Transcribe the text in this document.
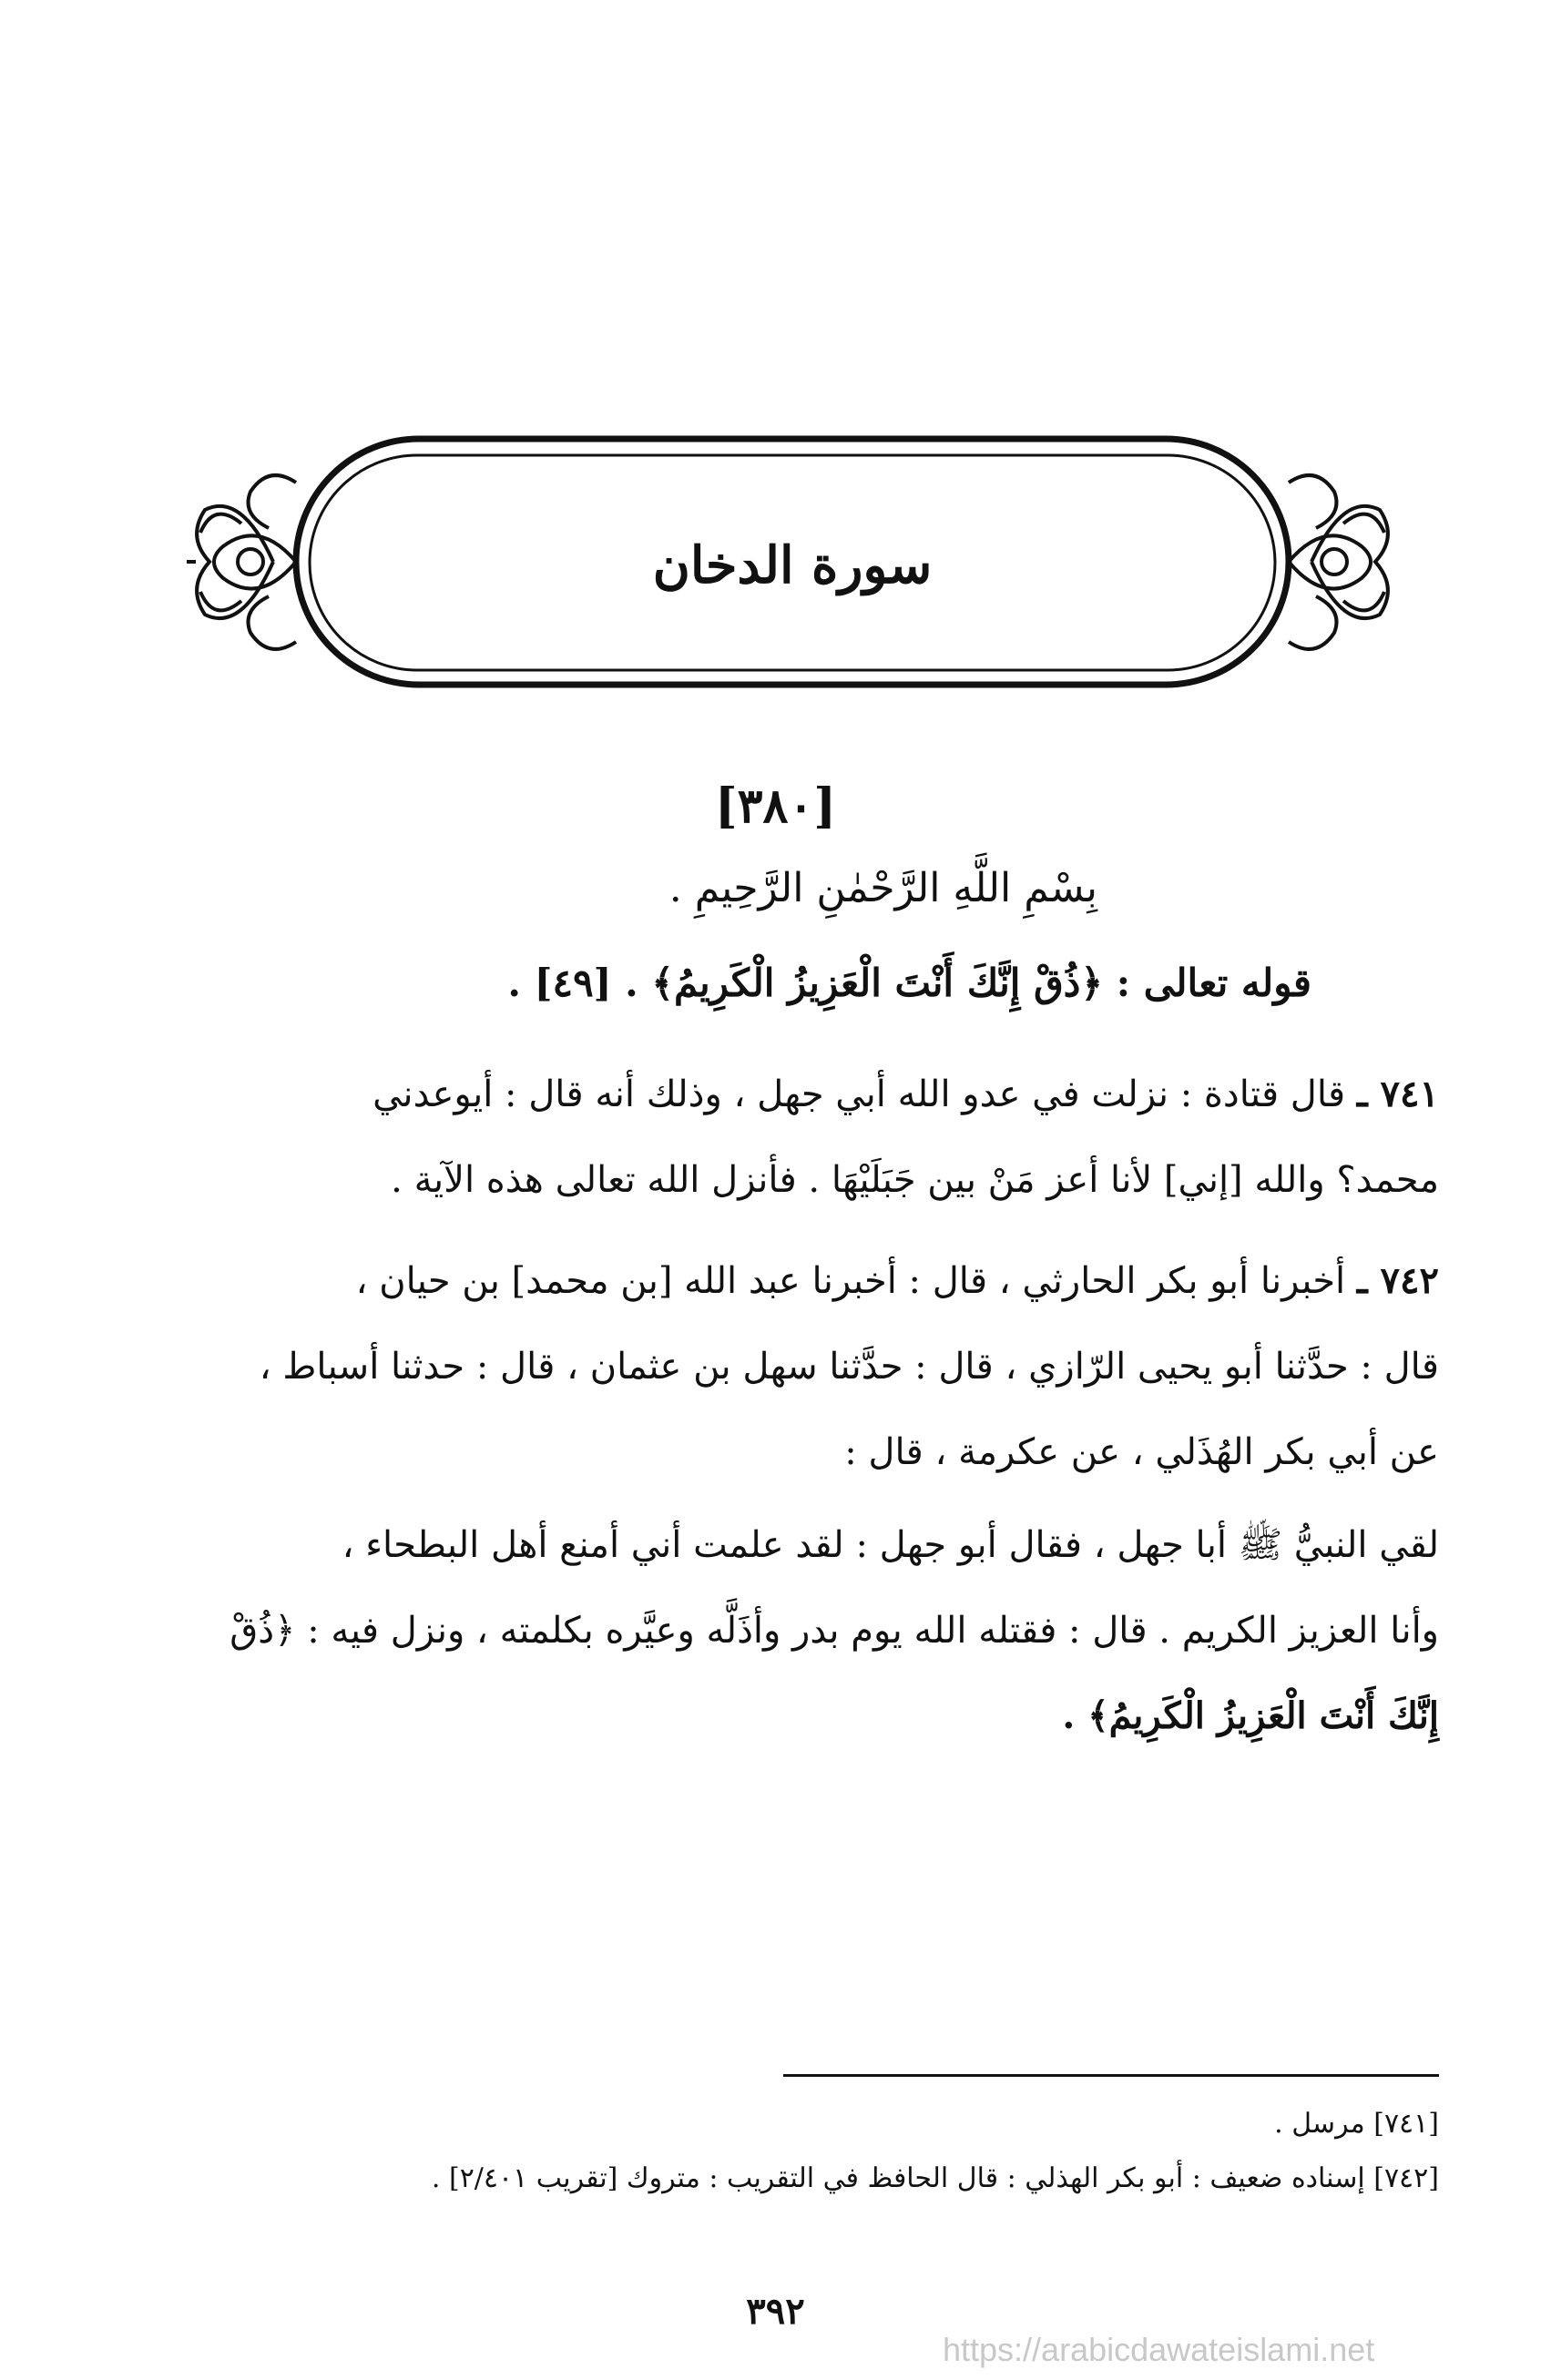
سورة الدخان
[٣٨٠]
بِسْمِ اللَّهِ الرَّحْمٰنِ الرَّحِيمِ .
قوله تعالى : ﴿ذُقْ إِنَّكَ أَنْتَ الْعَزِيزُ الْكَرِيمُ﴾ . [٤٩] .

٧٤١ ـ قال قتادة : نزلت في عدو الله أبي جهل ، وذلك أنه قال : أيوعدني

محمد؟ والله [إني] لأنا أعز مَنْ بين جَبَلَيْهَا . فأنزل الله تعالى هذه الآية .

٧٤٢ ـ أخبرنا أبو بكر الحارثي ، قال : أخبرنا عبد الله [بن محمد] بن حيان ،

قال : حدَّثنا أبو يحيى الرّازي ، قال : حدَّثنا سهل بن عثمان ، قال : حدثنا أسباط ،

عن أبي بكر الهُذَلي ، عن عكرمة ، قال :

لقي النبيُّ ﷺ أبا جهل ، فقال أبو جهل : لقد علمت أني أمنع أهل البطحاء ،

وأنا العزيز الكريم . قال : فقتله الله يوم بدر وأذَلَّه وعيَّره بكلمته ، ونزل فيه : ﴿ذُقْ

إِنَّكَ أَنْتَ الْعَزِيزُ الْكَرِيمُ﴾ .

[٧٤١] مرسل .
[٧٤٢] إسناده ضعيف : أبو بكر الهذلي : قال الحافظ في التقريب : متروك [تقريب ٢/٤٠١] .
٣٩٢
https://arabicdawateislami.net
